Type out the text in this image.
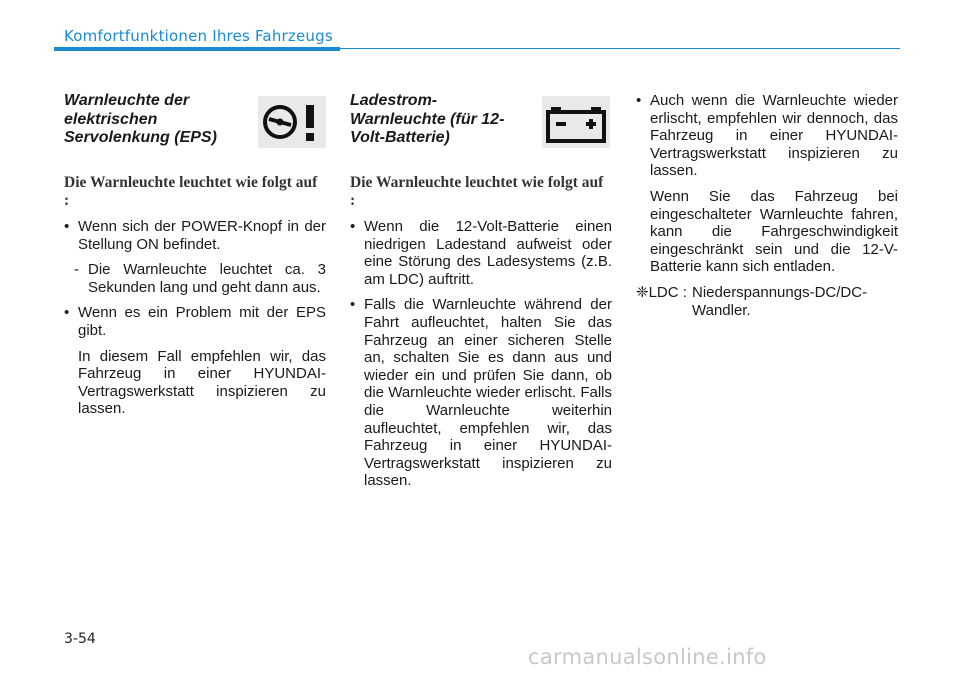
Komfortfunktionen Ihres Fahrzeugs
Warnleuchte der elektrischen Servolenkung (EPS)
Die Warnleuchte leuchtet wie folgt auf :
• Wenn sich der POWER-Knopf in der Stellung ON befindet.
- Die Warnleuchte leuchtet ca. 3 Sekunden lang und geht dann aus.
• Wenn es ein Problem mit der EPS gibt.
In diesem Fall empfehlen wir, das Fahrzeug in einer HYUNDAI-Vertragswerkstatt inspizieren zu lassen.
Ladestrom-Warnleuchte (für 12-Volt-Batterie)
Die Warnleuchte leuchtet wie folgt auf :
• Wenn die 12-Volt-Batterie einen niedrigen Ladestand aufweist oder eine Störung des Ladesystems (z.B. am LDC) auftritt.
• Falls die Warnleuchte während der Fahrt aufleuchtet, halten Sie das Fahrzeug an einer sicheren Stelle an, schalten Sie es dann aus und wieder ein und prüfen Sie dann, ob die Warnleuchte wieder erlischt. Falls die Warnleuchte weiterhin aufleuchtet, empfehlen wir, das Fahrzeug in einer HYUNDAI-Vertragswerkstatt inspizieren zu lassen.
• Auch wenn die Warnleuchte wieder erlischt, empfehlen wir dennoch, das Fahrzeug in einer HYUNDAI-Vertragswerkstatt inspizieren zu lassen.
Wenn Sie das Fahrzeug bei eingeschalteter Warnleuchte fahren, kann die Fahrgeschwindigkeit eingeschränkt sein und die 12-V-Batterie kann sich entladen.
❈LDC : Niederspannungs-DC/DC-Wandler.
3-54
carmanualsonline.info
